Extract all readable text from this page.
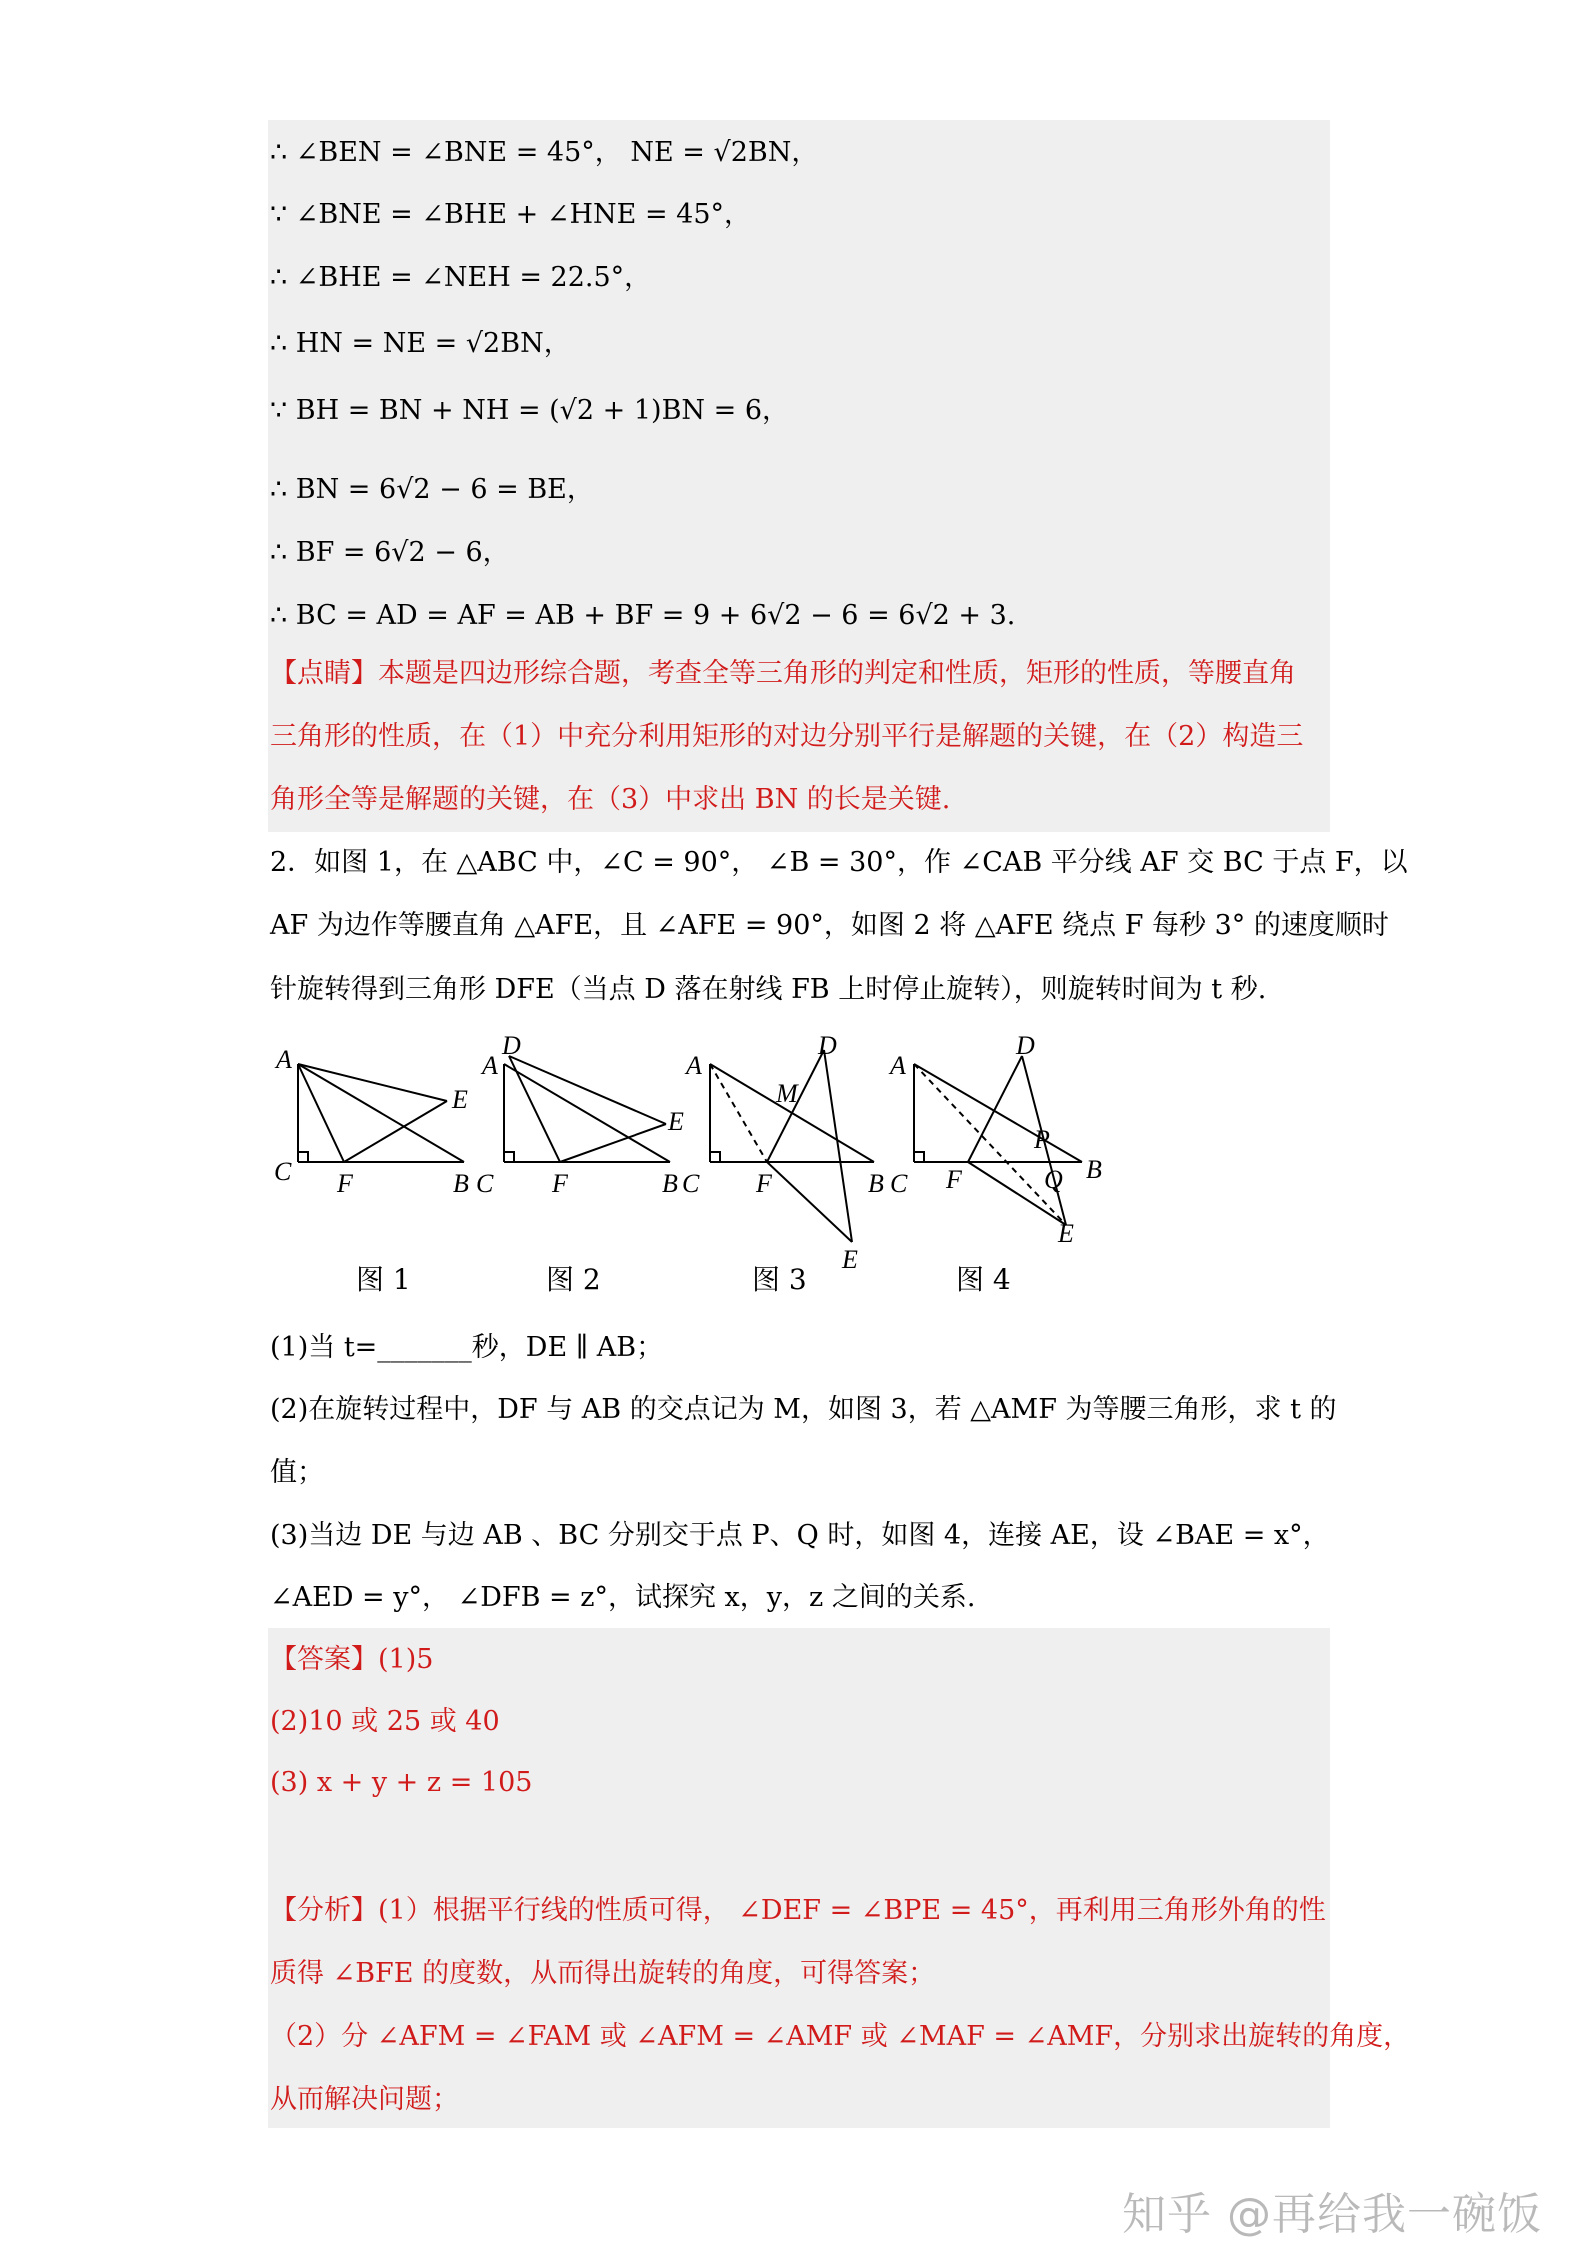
∴ ∠BEN = ∠BNE = 45°， NE = √2BN，
∵ ∠BNE = ∠BHE + ∠HNE = 45°，
∴ ∠BHE = ∠NEH = 22.5°，
∴ HN = NE = √2BN，
∵ BH = BN + NH = (√2 + 1)BN = 6，
∴ BN = 6√2 − 6 = BE，
∴ BF = 6√2 − 6，
∴ BC = AD = AF = AB + BF = 9 + 6√2 − 6 = 6√2 + 3.
【点睛】本题是四边形综合题，考查全等三角形的判定和性质，矩形的性质，等腰直角
三角形的性质，在（1）中充分利用矩形的对边分别平行是解题的关键，在（2）构造三
角形全等是解题的关键，在（3）中求出 BN 的长是关键.
2．如图 1，在 △ABC 中，∠C = 90°， ∠B = 30°，作 ∠CAB 平分线 AF 交 BC 于点 F，以
AF 为边作等腰直角 △AFE，且 ∠AFE = 90°，如图 2 将 △AFE 绕点 F 每秒 3° 的速度顺时
针旋转得到三角形 DFE（当点 D 落在射线 FB 上时停止旋转），则旋转时间为 t 秒.
A
E
C F	B
A
D
E
C F	B
A
D
M
C F	B
E
A
D
P
C F	Q B
E
图 1	图 2	图 3	图 4
(1)当 t=_______秒，DE ∥ AB；
(2)在旋转过程中，DF 与 AB 的交点记为 M，如图 3，若 △AMF 为等腰三角形，求 t 的
值；
(3)当边 DE 与边 AB 、BC 分别交于点 P、Q 时，如图 4，连接 AE，设 ∠BAE = x°，
∠AED = y°， ∠DFB = z°，试探究 x，y，z 之间的关系.
【答案】(1)5
(2)10 或 25 或 40
(3) x + y + z = 105
【分析】(1）根据平行线的性质可得， ∠DEF = ∠BPE = 45°，再利用三角形外角的性
质得 ∠BFE 的度数，从而得出旋转的角度，可得答案；
（2）分 ∠AFM = ∠FAM 或 ∠AFM = ∠AMF 或 ∠MAF = ∠AMF，分别求出旋转的角度，
从而解决问题；
知乎 @再给我一碗饭
